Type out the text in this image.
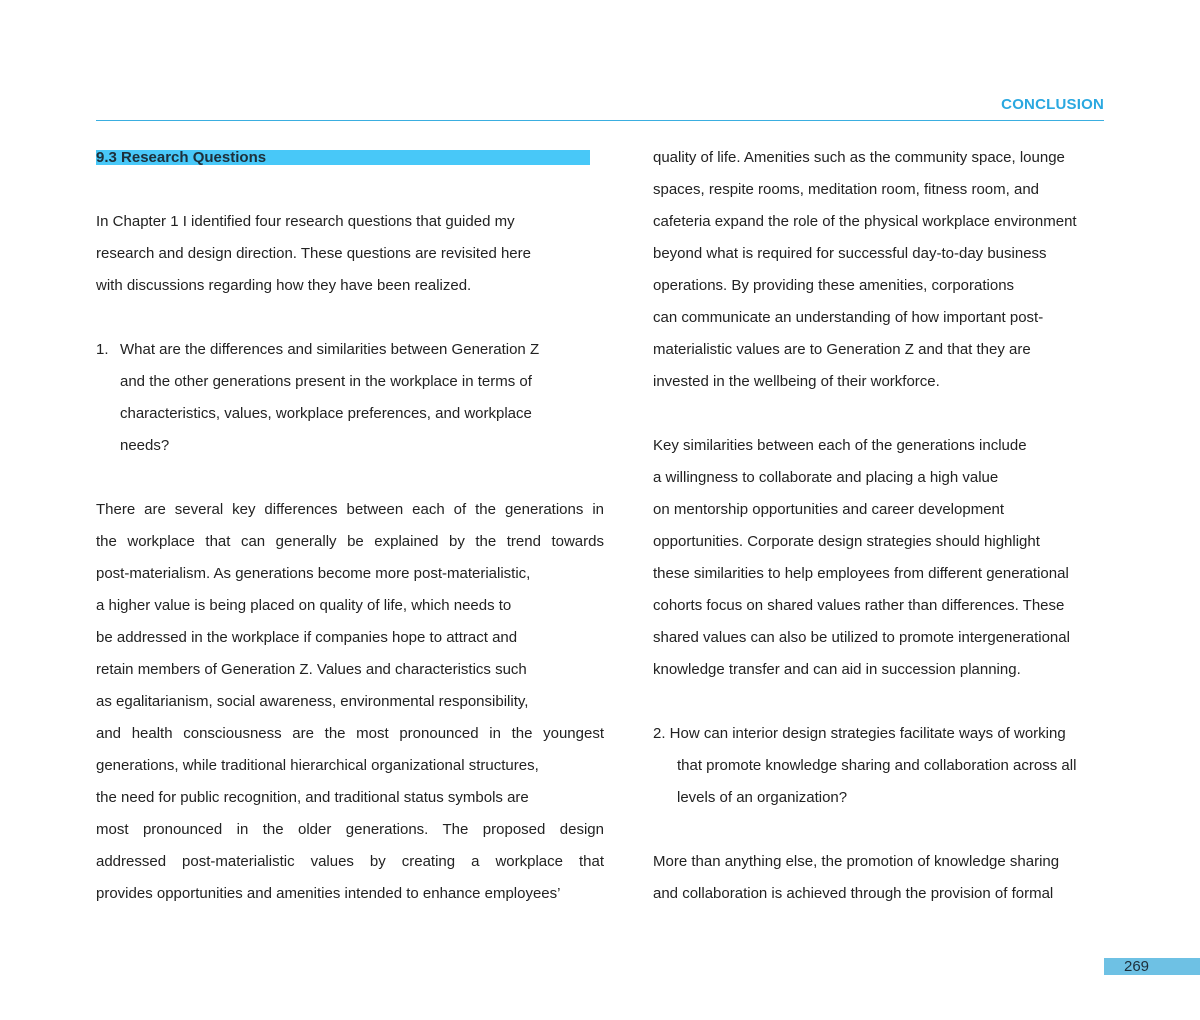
CONCLUSION
9.3 Research Questions

In Chapter 1 I identified four research questions that guided my

research and design direction. These questions are revisited here

with discussions regarding how they have been realized.

1. What are the differences and similarities between Generation Z

and the other generations present in the workplace in terms of

characteristics, values, workplace preferences, and workplace

needs?

There are several key differences between each of the generations in

the workplace that can generally be explained by the trend towards

post-materialism. As generations become more post-materialistic,

a higher value is being placed on quality of life, which needs to

be addressed in the workplace if companies hope to attract and

retain members of Generation Z. Values and characteristics such

as egalitarianism, social awareness, environmental responsibility,

and health consciousness are the most pronounced in the youngest

generations, while traditional hierarchical organizational structures,

the need for public recognition, and traditional status symbols are

most pronounced in the older generations. The proposed design

addressed post-materialistic values by creating a workplace that

provides opportunities and amenities intended to enhance employees’

quality of life. Amenities such as the community space, lounge

spaces, respite rooms, meditation room, fitness room, and

cafeteria expand the role of the physical workplace environment

beyond what is required for successful day-to-day business

operations. By providing these amenities, corporations

can communicate an understanding of how important post-

materialistic values are to Generation Z and that they are

invested in the wellbeing of their workforce.

Key similarities between each of the generations include

a willingness to collaborate and placing a high value

on mentorship opportunities and career development

opportunities. Corporate design strategies should highlight

these similarities to help employees from different generational

cohorts focus on shared values rather than differences. These

shared values can also be utilized to promote intergenerational

knowledge transfer and can aid in succession planning.

2. How can interior design strategies facilitate ways of working

that promote knowledge sharing and collaboration across all

levels of an organization?

More than anything else, the promotion of knowledge sharing

and collaboration is achieved through the provision of formal

269
